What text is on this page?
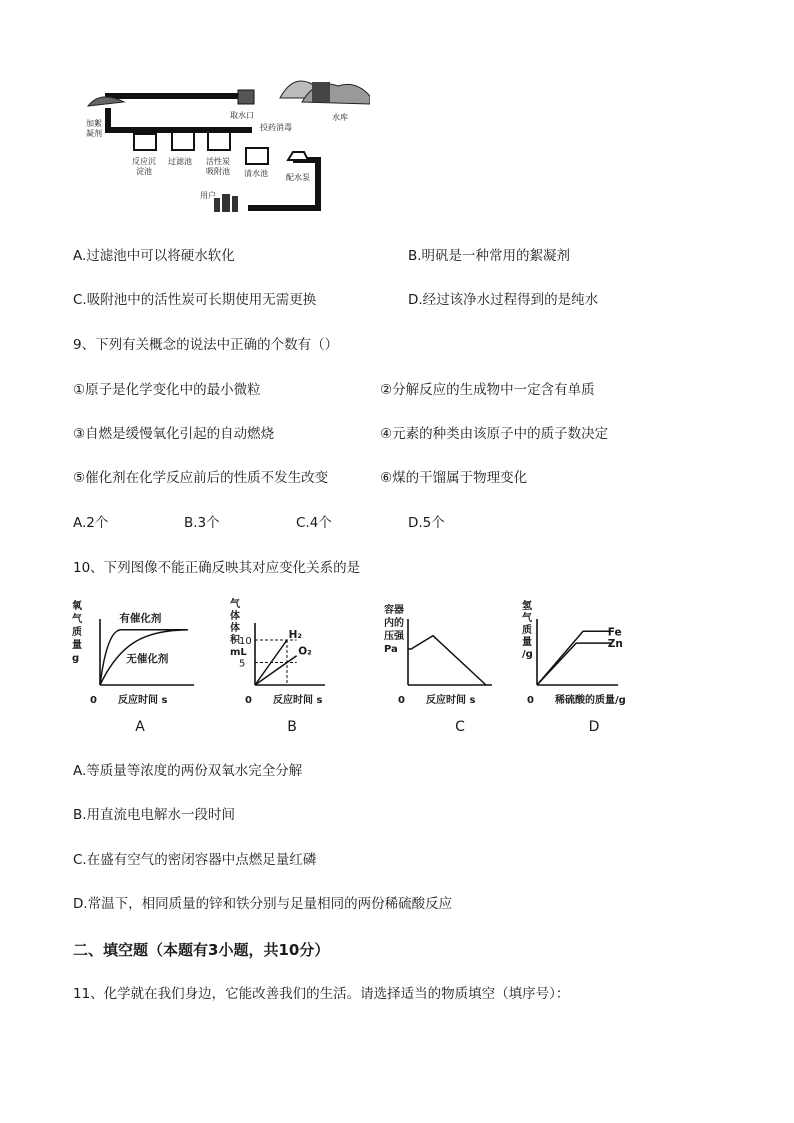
加絮
凝剂
取水口	水库
投药消毒
反应沉
淀池
过滤池 活性炭
吸附池 清水池 配水泵
用户
A.过滤池中可以将硬水软化	B.明矾是一种常用的絮凝剂
C.吸附池中的活性炭可长期使用无需更换	D.经过该净水过程得到的是纯水
9、下列有关概念的说法中正确的个数有（）
①原子是化学变化中的最小微粒	②分解反应的生成物中一定含有单质
③自燃是缓慢氧化引起的自动燃烧	④元素的种类由该原子中的质子数决定
⑤催化剂在化学反应前后的性质不发生改变	⑥煤的干馏属于物理变化
A.2个	B.3个	C.4个	D.5个
10、下列图像不能正确反映其对应变化关系的是
氧
气
质
量
g
反应时间 s
0
A
有催化剂
无催化剂
气
体
体
积
mL
反应时间 s
0
B
10
5
H₂
O₂
容器
内的
压强
Pa
反应时间 s
0
C
氢
气
质
量
/g
稀硫酸的质量/g
0
D
Fe
Zn
A.等质量等浓度的两份双氧水完全分解
B.用直流电电解水一段时间
C.在盛有空气的密闭容器中点燃足量红磷
D.常温下，相同质量的锌和铁分别与足量相同的两份稀硫酸反应
二、填空题（本题有3小题，共10分）
11、化学就在我们身边，它能改善我们的生活。请选择适当的物质填空（填序号）：
